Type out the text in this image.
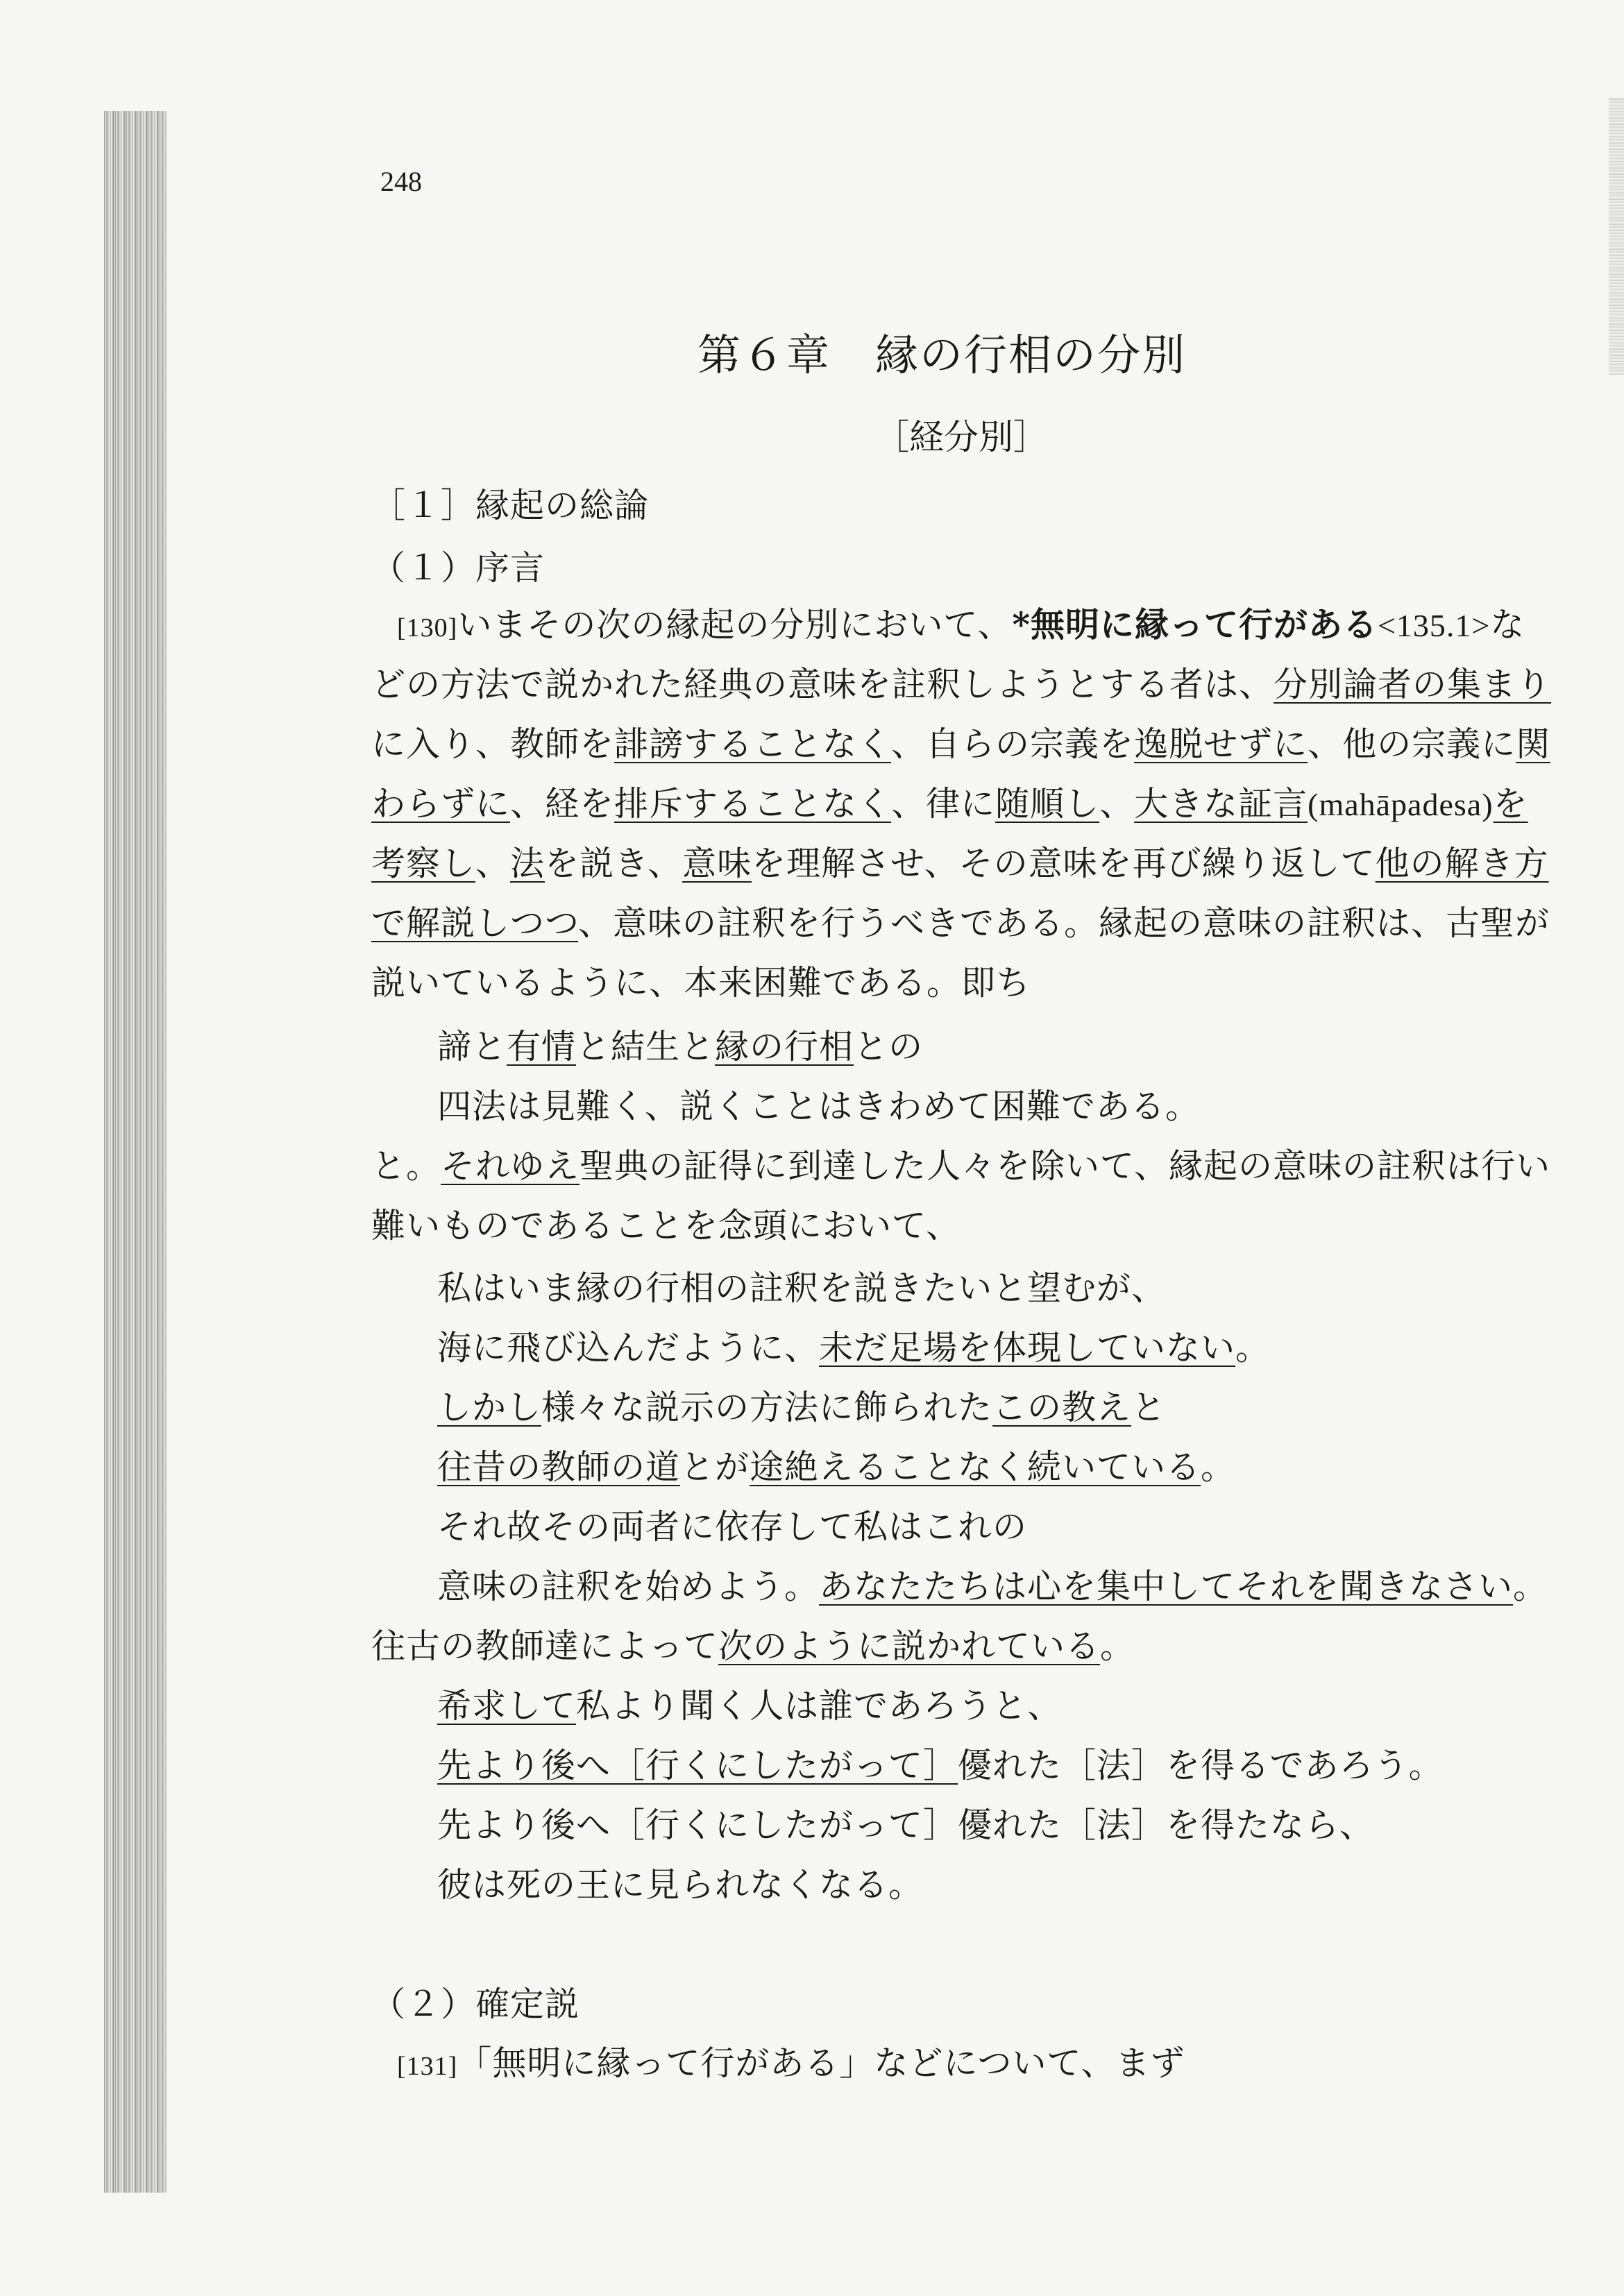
248
第６章　縁の行相の分別
［経分別］
［１］縁起の総論
（１）序言
[130]いまその次の縁起の分別において、*無明に縁って行がある<135.1>な
どの方法で説かれた経典の意味を註釈しようとする者は、分別論者の集まり
に入り、教師を誹謗することなく、自らの宗義を逸脱せずに、他の宗義に関
わらずに、経を排斥することなく、律に随順し、大きな証言(mahāpadesa)を
考察し、法を説き、意味を理解させ、その意味を再び繰り返して他の解き方
で解説しつつ、意味の註釈を行うべきである。縁起の意味の註釈は、古聖が
説いているように、本来困難である。即ち
諦と有情と結生と縁の行相との
四法は見難く、説くことはきわめて困難である。
と。それゆえ聖典の証得に到達した人々を除いて、縁起の意味の註釈は行い
難いものであることを念頭において、
私はいま縁の行相の註釈を説きたいと望むが、
海に飛び込んだように、未だ足場を体現していない。
しかし様々な説示の方法に飾られたこの教えと
往昔の教師の道とが途絶えることなく続いている。
それ故その両者に依存して私はこれの
意味の註釈を始めよう。あなたたちは心を集中してそれを聞きなさい。
往古の教師達によって次のように説かれている。
希求して私より聞く人は誰であろうと、
先より後へ［行くにしたがって］優れた［法］を得るであろう。
先より後へ［行くにしたがって］優れた［法］を得たなら、
彼は死の王に見られなくなる。
（２）確定説
[131]「無明に縁って行がある」などについて、まず
